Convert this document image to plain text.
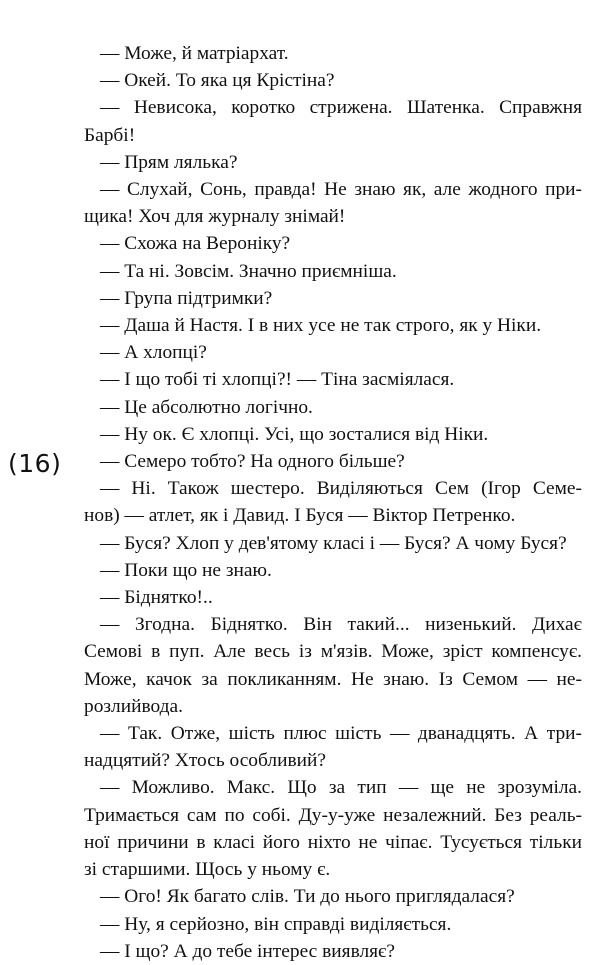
(16)
— Може, й матріархат.
— Окей. То яка ця Крістіна?
— Невисока, коротко стрижена. Шатенка. Справжня
Барбі!
— Прям лялька?
— Слухай, Сонь, правда! Не знаю як, але жодного при-
щика! Хоч для журналу знімай!
— Схожа на Вероніку?
— Та ні. Зовсім. Значно приємніша.
— Група підтримки?
— Даша й Настя. І в них усе не так строго, як у Ніки.
— А хлопці?
— І що тобі ті хлопці?! — Тіна засміялася.
— Це абсолютно логічно.
— Ну ок. Є хлопці. Усі, що зосталися від Ніки.
— Семеро тобто? На одного більше?
— Ні. Також шестеро. Виділяються Сем (Ігор Семе-
нов) — атлет, як і Давид. І Буся — Віктор Петренко.
— Буся? Хлоп у дев'ятому класі і — Буся? А чому Буся?
— Поки що не знаю.
— Біднятко!..
— Згодна. Біднятко. Він такий... низенький. Дихає
Семові в пуп. Але весь із м'язів. Може, зріст компенсує.
Може, качок за покликанням. Не знаю. Із Семом — не-
розлийвода.
— Так. Отже, шість плюс шість — дванадцять. А три-
надцятий? Хтось особливий?
— Можливо. Макс. Що за тип — ще не зрозуміла.
Тримається сам по собі. Ду-у-уже незалежний. Без реаль-
ної причини в класі його ніхто не чіпає. Тусується тільки
зі старшими. Щось у ньому є.
— Ого! Як багато слів. Ти до нього приглядалася?
— Ну, я серйозно, він справді виділяється.
— І що? А до тебе інтерес виявляє?
